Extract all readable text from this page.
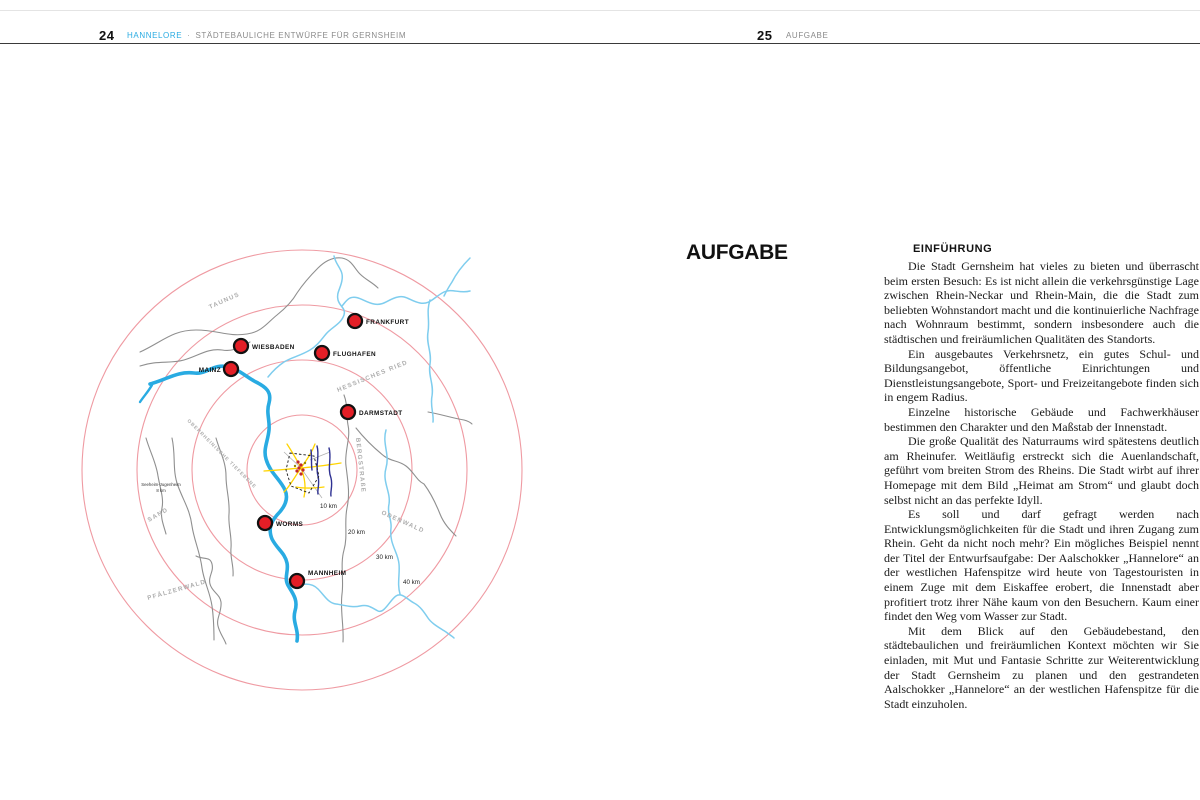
24 HANNELORE · STÄDTEBAULICHE ENTWÜRFE FÜR GERNSHEIM	25 AUFGABE
TAUNUS
HESSISCHES RIED
BERGSTRAßE
ODENWALD
OBERRHEINISCHE TIEFEBENE
SAND
PFÄLZERWALD
10 km
20 km
30 km
40 km
Seeheim-Jugenheim
8 km
FRANKFURT
WIESBADEN
MAINZ
FLUGHAFEN
DARMSTADT
WORMS
MANNHEIM
AUFGABE	EINFÜHRUNG

Die Stadt Gernsheim hat vieles zu bieten und überrascht beim ersten Besuch: Es ist nicht allein die verkehrsgünstige Lage zwischen Rhein-Neckar und Rhein-Main, die die Stadt zum beliebten Wohnstandort macht und die kontinuierliche Nachfrage nach Wohnraum bestimmt, sondern insbesondere auch die städtischen und freiräumlichen Qualitäten des Standorts.

Ein ausgebautes Verkehrsnetz, ein gutes Schul- und Bildungsangebot, öffentliche Einrichtungen und Dienstleistungsangebote, Sport- und Freizeitangebote finden sich in engem Radius.

Einzelne historische Gebäude und Fachwerkhäuser bestimmen den Charakter und den Maßstab der Innenstadt.

Die große Qualität des Naturraums wird spätestens deutlich am Rheinufer. Weitläufig erstreckt sich die Auenlandschaft, geführt vom breiten Strom des Rheins. Die Stadt wirbt auf ihrer Homepage mit dem Bild „Heimat am Strom“ und glaubt doch selbst nicht an das perfekte Idyll.

Es soll und darf gefragt werden nach Entwicklungsmöglichkeiten für die Stadt und ihren Zugang zum Rhein. Geht da nicht noch mehr? Ein mögliches Beispiel nennt der Titel der Entwurfsaufgabe: Der Aalschokker „Hannelore“ an der westlichen Hafenspitze wird heute von Tagestouristen in einem Zuge mit dem Eiskaffee erobert, die Innenstadt aber profitiert trotz ihrer Nähe kaum von den Besuchern. Kaum einer findet den Weg vom Wasser zur Stadt.

Mit dem Blick auf den Gebäudebestand, den städtebaulichen und freiräumlichen Kontext möchten wir Sie einladen, mit Mut und Fantasie Schritte zur Weiterentwicklung der Stadt Gernsheim zu planen und den gestrandeten Aalschokker „Hannelore“ an der westlichen Hafenspitze für die Stadt einzuholen.
